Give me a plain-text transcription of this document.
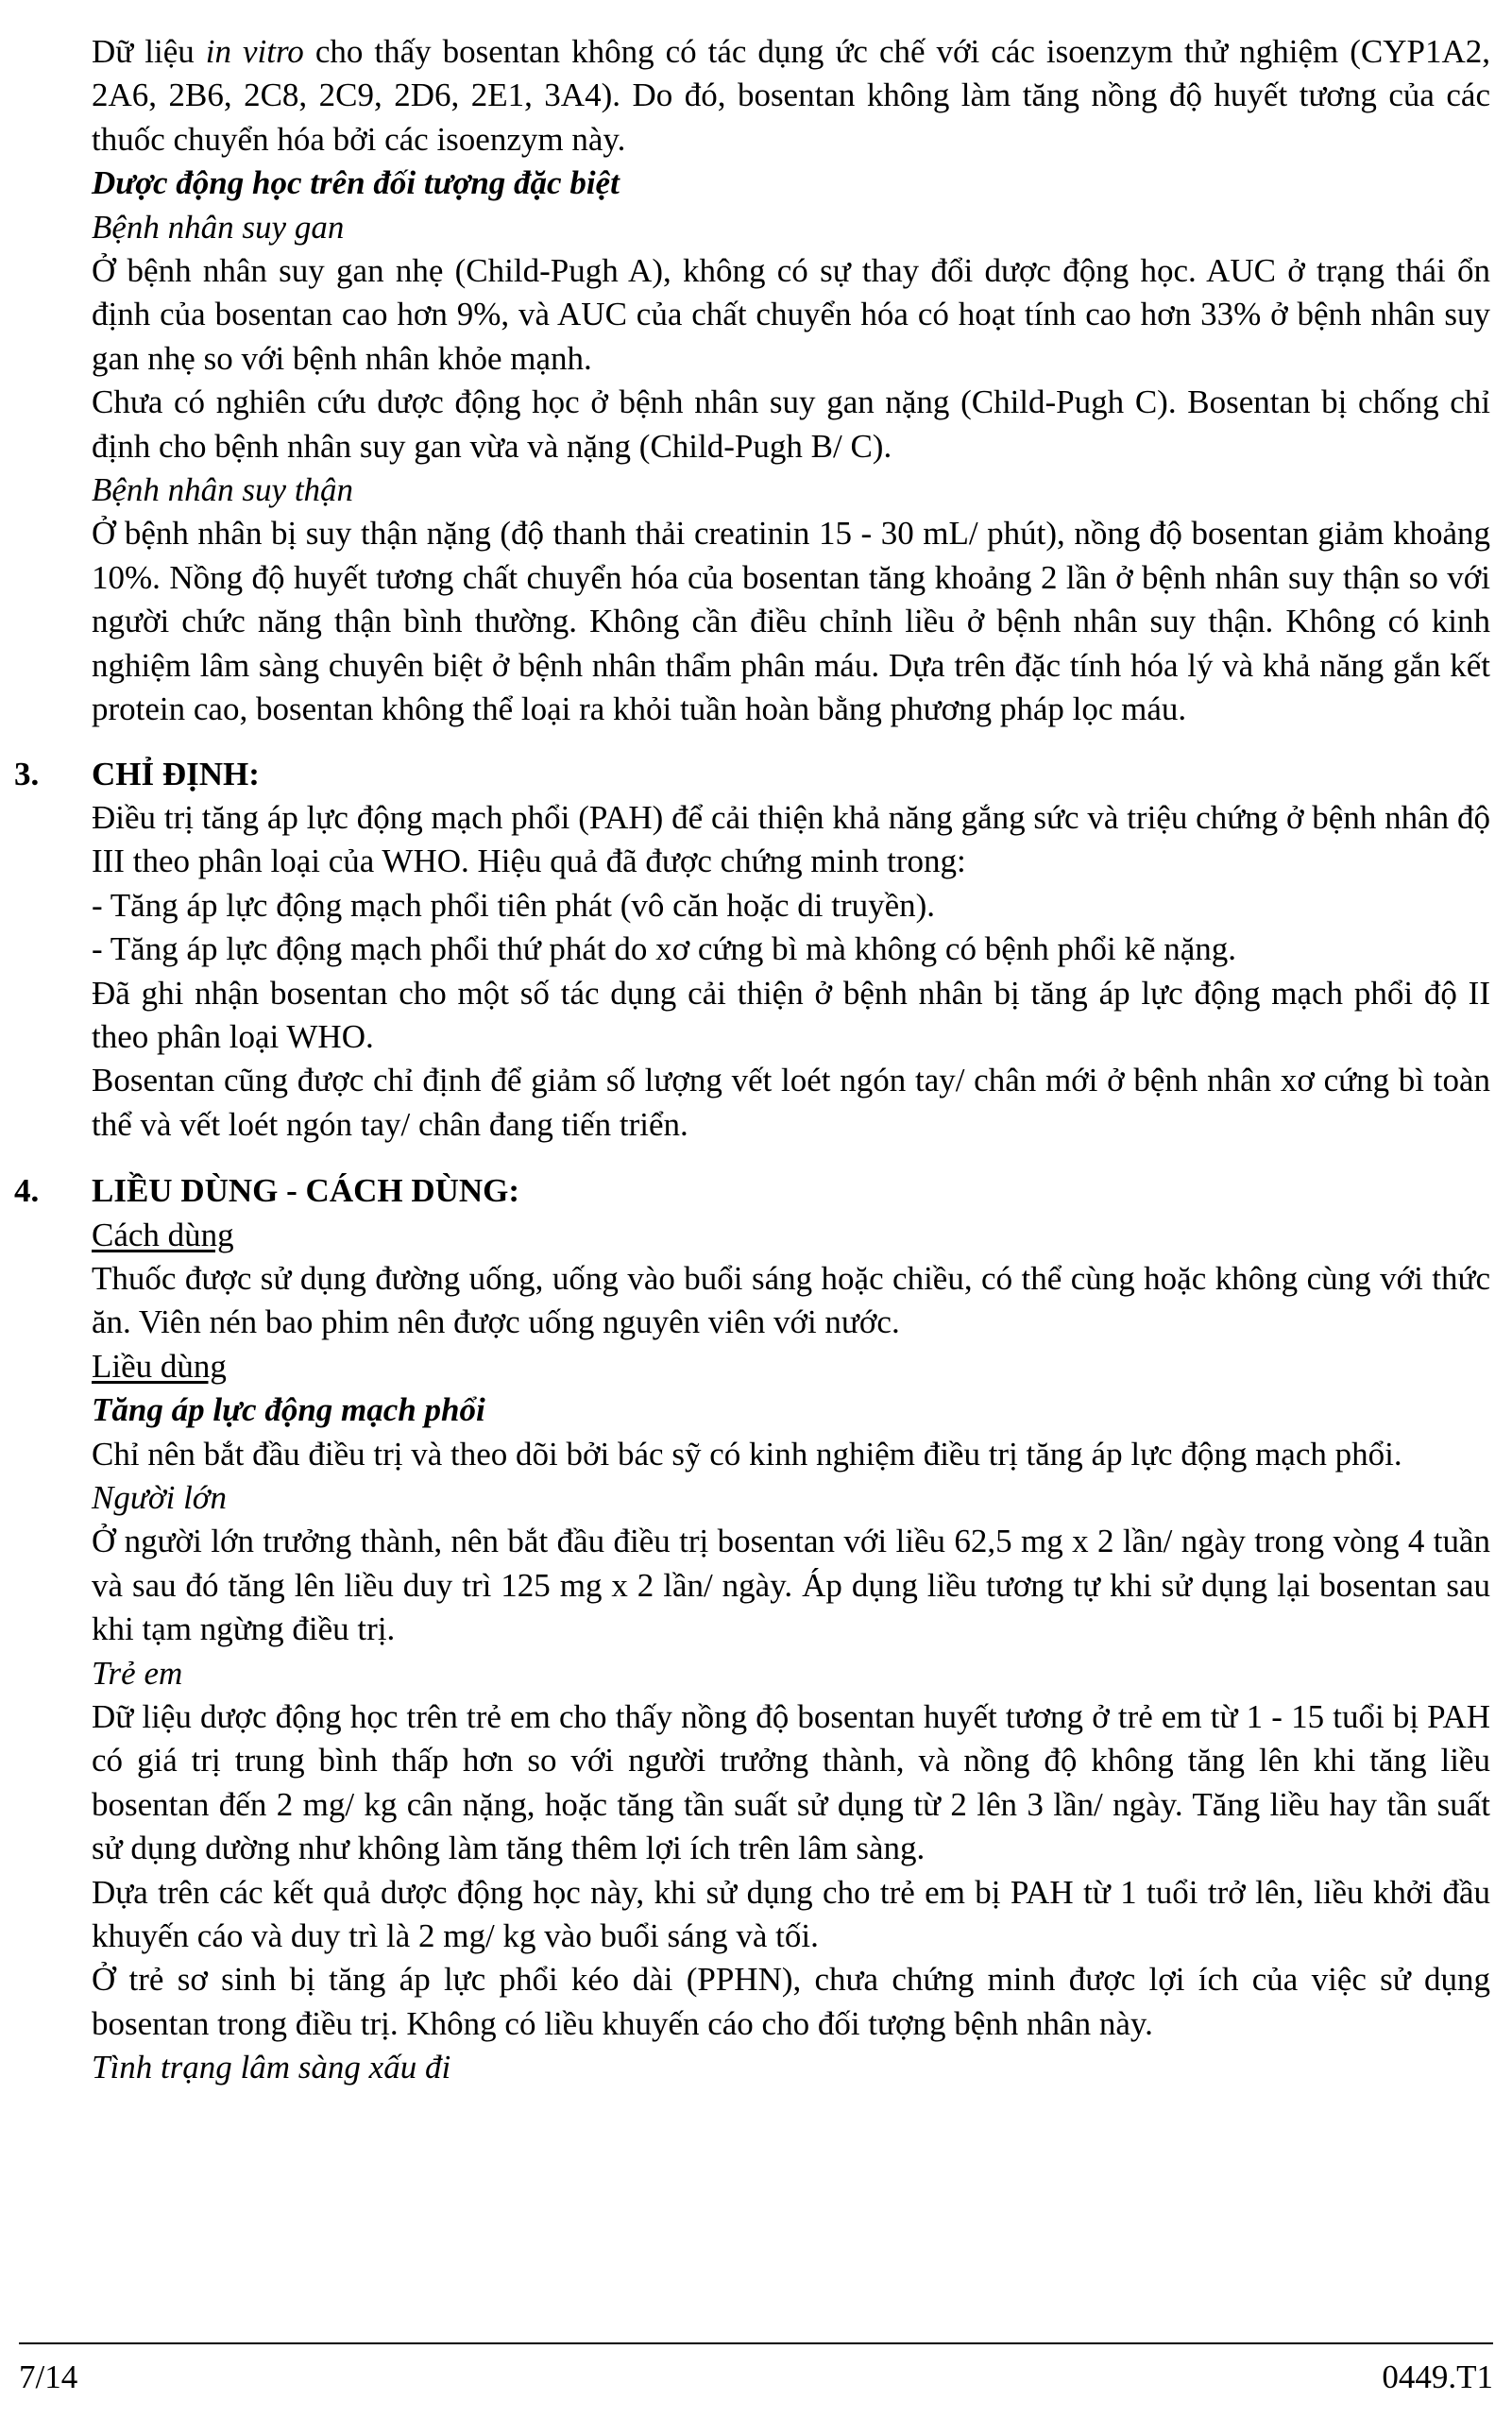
Dữ liệu in vitro cho thấy bosentan không có tác dụng ức chế với các isoenzym thử nghiệm (CYP1A2, 2A6, 2B6, 2C8, 2C9, 2D6, 2E1, 3A4). Do đó, bosentan không làm tăng nồng độ huyết tương của các thuốc chuyển hóa bởi các isoenzym này.

Dược động học trên đối tượng đặc biệt

Bệnh nhân suy gan

Ở bệnh nhân suy gan nhẹ (Child-Pugh A), không có sự thay đổi dược động học. AUC ở trạng thái ổn định của bosentan cao hơn 9%, và AUC của chất chuyển hóa có hoạt tính cao hơn 33% ở bệnh nhân suy gan nhẹ so với bệnh nhân khỏe mạnh.

Chưa có nghiên cứu dược động học ở bệnh nhân suy gan nặng (Child-Pugh C). Bosentan bị chống chỉ định cho bệnh nhân suy gan vừa và nặng (Child-Pugh B/ C).

Bệnh nhân suy thận

Ở bệnh nhân bị suy thận nặng (độ thanh thải creatinin 15 - 30 mL/ phút), nồng độ bosentan giảm khoảng 10%. Nồng độ huyết tương chất chuyển hóa của bosentan tăng khoảng 2 lần ở bệnh nhân suy thận so với người chức năng thận bình thường. Không cần điều chỉnh liều ở bệnh nhân suy thận. Không có kinh nghiệm lâm sàng chuyên biệt ở bệnh nhân thẩm phân máu. Dựa trên đặc tính hóa lý và khả năng gắn kết protein cao, bosentan không thể loại ra khỏi tuần hoàn bằng phương pháp lọc máu.

3. CHỈ ĐỊNH:

Điều trị tăng áp lực động mạch phổi (PAH) để cải thiện khả năng gắng sức và triệu chứng ở bệnh nhân độ III theo phân loại của WHO. Hiệu quả đã được chứng minh trong:

- Tăng áp lực động mạch phổi tiên phát (vô căn hoặc di truyền).

- Tăng áp lực động mạch phổi thứ phát do xơ cứng bì mà không có bệnh phổi kẽ nặng.

Đã ghi nhận bosentan cho một số tác dụng cải thiện ở bệnh nhân bị tăng áp lực động mạch phổi độ II theo phân loại WHO.

Bosentan cũng được chỉ định để giảm số lượng vết loét ngón tay/ chân mới ở bệnh nhân xơ cứng bì toàn thể và vết loét ngón tay/ chân đang tiến triển.

4. LIỀU DÙNG - CÁCH DÙNG:

Cách dùng

Thuốc được sử dụng đường uống, uống vào buổi sáng hoặc chiều, có thể cùng hoặc không cùng với thức ăn. Viên nén bao phim nên được uống nguyên viên với nước.

Liều dùng

Tăng áp lực động mạch phổi

Chỉ nên bắt đầu điều trị và theo dõi bởi bác sỹ có kinh nghiệm điều trị tăng áp lực động mạch phổi.

Người lớn

Ở người lớn trưởng thành, nên bắt đầu điều trị bosentan với liều 62,5 mg x 2 lần/ ngày trong vòng 4 tuần và sau đó tăng lên liều duy trì 125 mg x 2 lần/ ngày. Áp dụng liều tương tự khi sử dụng lại bosentan sau khi tạm ngừng điều trị.

Trẻ em

Dữ liệu dược động học trên trẻ em cho thấy nồng độ bosentan huyết tương ở trẻ em từ 1 - 15 tuổi bị PAH có giá trị trung bình thấp hơn so với người trưởng thành, và nồng độ không tăng lên khi tăng liều bosentan đến 2 mg/ kg cân nặng, hoặc tăng tần suất sử dụng từ 2 lên 3 lần/ ngày. Tăng liều hay tần suất sử dụng dường như không làm tăng thêm lợi ích trên lâm sàng.

Dựa trên các kết quả dược động học này, khi sử dụng cho trẻ em bị PAH từ 1 tuổi trở lên, liều khởi đầu khuyến cáo và duy trì là 2 mg/ kg vào buổi sáng và tối.

Ở trẻ sơ sinh bị tăng áp lực phổi kéo dài (PPHN), chưa chứng minh được lợi ích của việc sử dụng bosentan trong điều trị. Không có liều khuyến cáo cho đối tượng bệnh nhân này.

Tình trạng lâm sàng xấu đi

7/14	0449.T1
